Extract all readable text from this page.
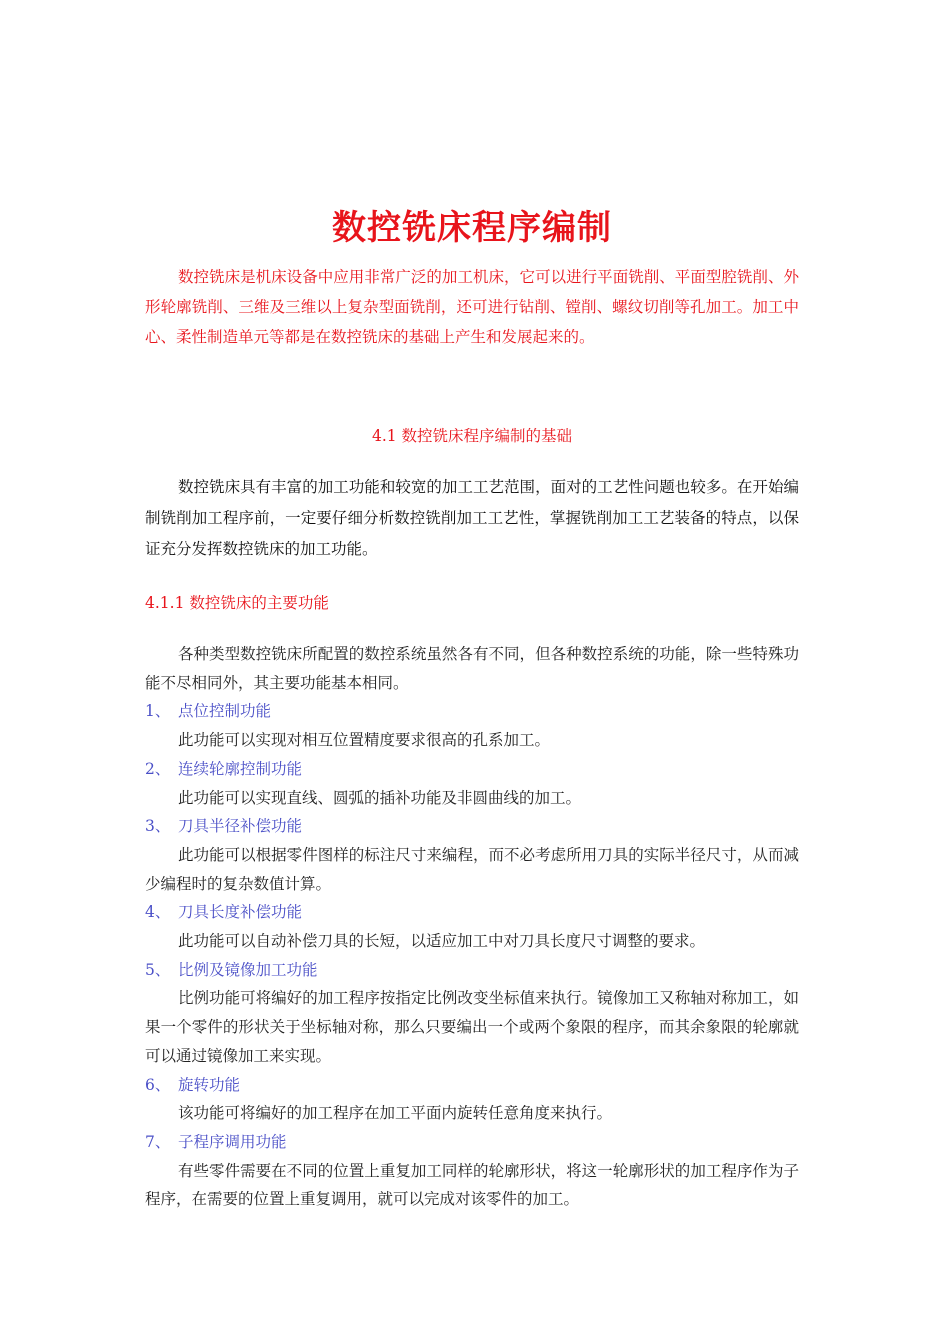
数控铣床程序编制

数控铣床是机床设备中应用非常广泛的加工机床，它可以进行平面铣削、平面型腔铣削、外形轮廓铣削、三维及三维以上复杂型面铣削，还可进行钻削、镗削、螺纹切削等孔加工。加工中心、柔性制造单元等都是在数控铣床的基础上产生和发展起来的。

4.1 数控铣床程序编制的基础

数控铣床具有丰富的加工功能和较宽的加工工艺范围，面对的工艺性问题也较多。在开始编制铣削加工程序前，一定要仔细分析数控铣削加工工艺性，掌握铣削加工工艺装备的特点，以保证充分发挥数控铣床的加工功能。

4.1.1 数控铣床的主要功能

各种类型数控铣床所配置的数控系统虽然各有不同，但各种数控系统的功能，除一些特殊功能不尽相同外，其主要功能基本相同。

1、 点位控制功能

此功能可以实现对相互位置精度要求很高的孔系加工。

2、 连续轮廓控制功能

此功能可以实现直线、圆弧的插补功能及非圆曲线的加工。

3、 刀具半径补偿功能

此功能可以根据零件图样的标注尺寸来编程，而不必考虑所用刀具的实际半径尺寸，从而减少编程时的复杂数值计算。

4、 刀具长度补偿功能

此功能可以自动补偿刀具的长短，以适应加工中对刀具长度尺寸调整的要求。

5、 比例及镜像加工功能

比例功能可将编好的加工程序按指定比例改变坐标值来执行。镜像加工又称轴对称加工，如果一个零件的形状关于坐标轴对称，那么只要编出一个或两个象限的程序，而其余象限的轮廓就可以通过镜像加工来实现。

6、 旋转功能

该功能可将编好的加工程序在加工平面内旋转任意角度来执行。

7、 子程序调用功能

有些零件需要在不同的位置上重复加工同样的轮廓形状，将这一轮廓形状的加工程序作为子程序，在需要的位置上重复调用，就可以完成对该零件的加工。
